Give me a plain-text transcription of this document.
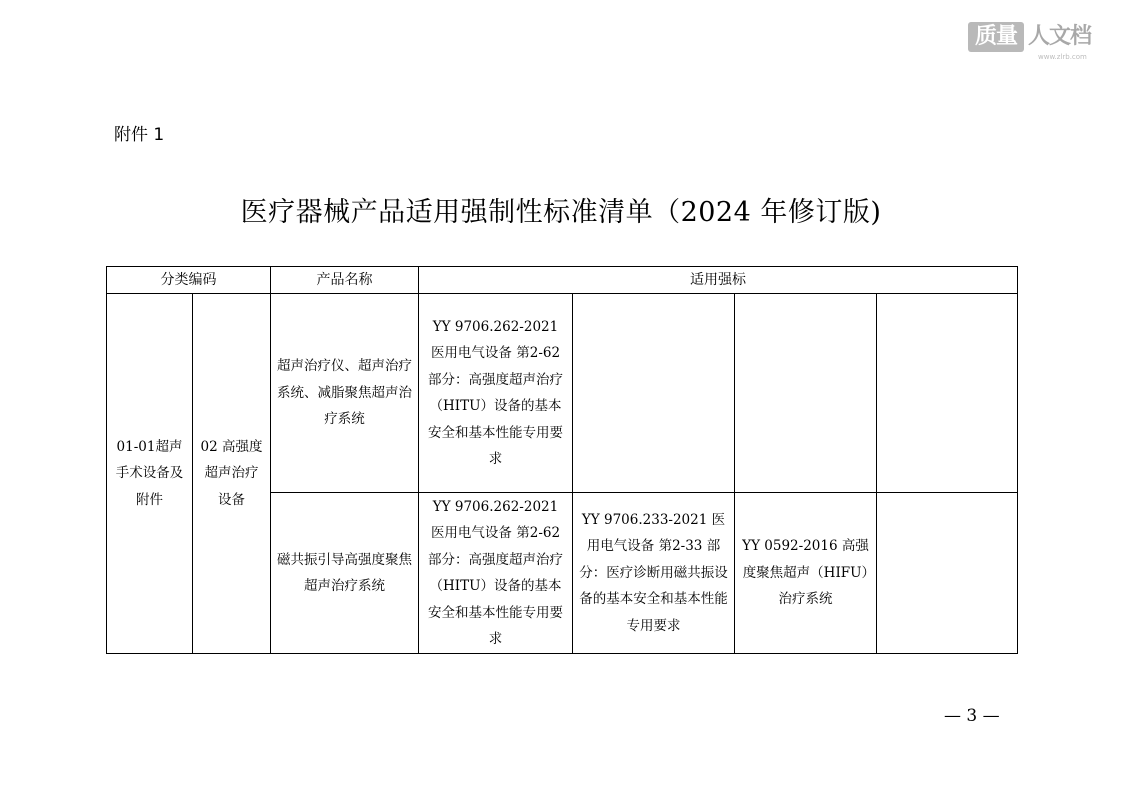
质量 人文档
www.zlrb.com
附件 1
医疗器械产品适用强制性标准清单（2024 年修订版)
分类编码		产品名称	适用强标			
01-01超声手术设备及附件	02 高强度超声治疗设备	超声治疗仪、超声治疗系统、减脂聚焦超声治疗系统	YY 9706.262-2021 医用电气设备 第2-62 部分：高强度超声治疗（HITU）设备的基本安全和基本性能专用要求			
		磁共振引导高强度聚焦超声治疗系统	YY 9706.262-2021 医用电气设备 第2-62 部分：高强度超声治疗（HITU）设备的基本安全和基本性能专用要求	YY 9706.233-2021 医用电气设备 第2-33 部分：医疗诊断用磁共振设备的基本安全和基本性能专用要求	YY 0592-2016 高强度聚焦超声（HIFU）治疗系统	
— 3 —
